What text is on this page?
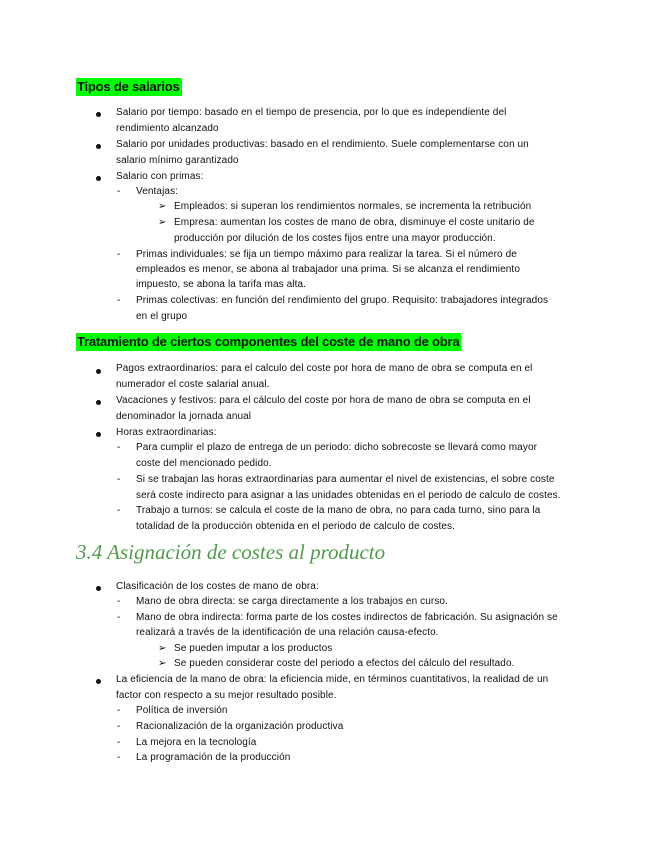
Tipos de salarios
Salario por tiempo: basado en el tiempo de presencia, por lo que es independiente del
rendimiento alcanzado
Salario por unidades productivas: basado en el rendimiento. Suele complementarse con un
salario mínimo garantizado
Salario con primas:
- Ventajas:
➢ Empleados: si superan los rendimientos normales, se incrementa la retribución
➢ Empresa: aumentan los costes de mano de obra, disminuye el coste unitario de
producción por dilución de los costes fijos entre una mayor producción.
- Primas individuales: se fija un tiempo máximo para realizar la tarea. Si el número de
empleados es menor, se abona al trabajador una prima. Si se alcanza el rendimiento
impuesto, se abona la tarifa mas alta.
- Primas colectivas: en función del rendimiento del grupo. Requisito: trabajadores integrados
en el grupo
Tratamiento de ciertos componentes del coste de mano de obra
Pagos extraordinarios: para el calculo del coste por hora de mano de obra se computa en el
numerador el coste salarial anual.
Vacaciones y festivos: para el cálculo del coste por hora de mano de obra se computa en el
denominador la jornada anual
Horas extraordinarias:
- Para cumplir el plazo de entrega de un periodo: dicho sobrecoste se llevará como mayor
coste del mencionado pedido.
- Si se trabajan las horas extraordinarias para aumentar el nivel de existencias, el sobre coste
será coste indirecto para asignar a las unidades obtenidas en el periodo de calculo de costes.
- Trabajo a turnos: se calcula el coste de la mano de obra, no para cada turno, sino para la
totalidad de la producción obtenida en el periodo de calculo de costes.
3.4 Asignación de costes al producto
Clasificación de los costes de mano de obra:
- Mano de obra directa: se carga directamente a los trabajos en curso.
- Mano de obra indirecta: forma parte de los costes indirectos de fabricación. Su asignación se
realizará a través de la identificación de una relación causa-efecto.
➢ Se pueden imputar a los productos
➢ Se pueden considerar coste del periodo a efectos del cálculo del resultado.
La eficiencia de la mano de obra: la eficiencia mide, en términos cuantitativos, la realidad de un
factor con respecto a su mejor resultado posible.
- Política de inversión
- Racionalización de la organización productiva
- La mejora en la tecnología
- La programación de la producción
